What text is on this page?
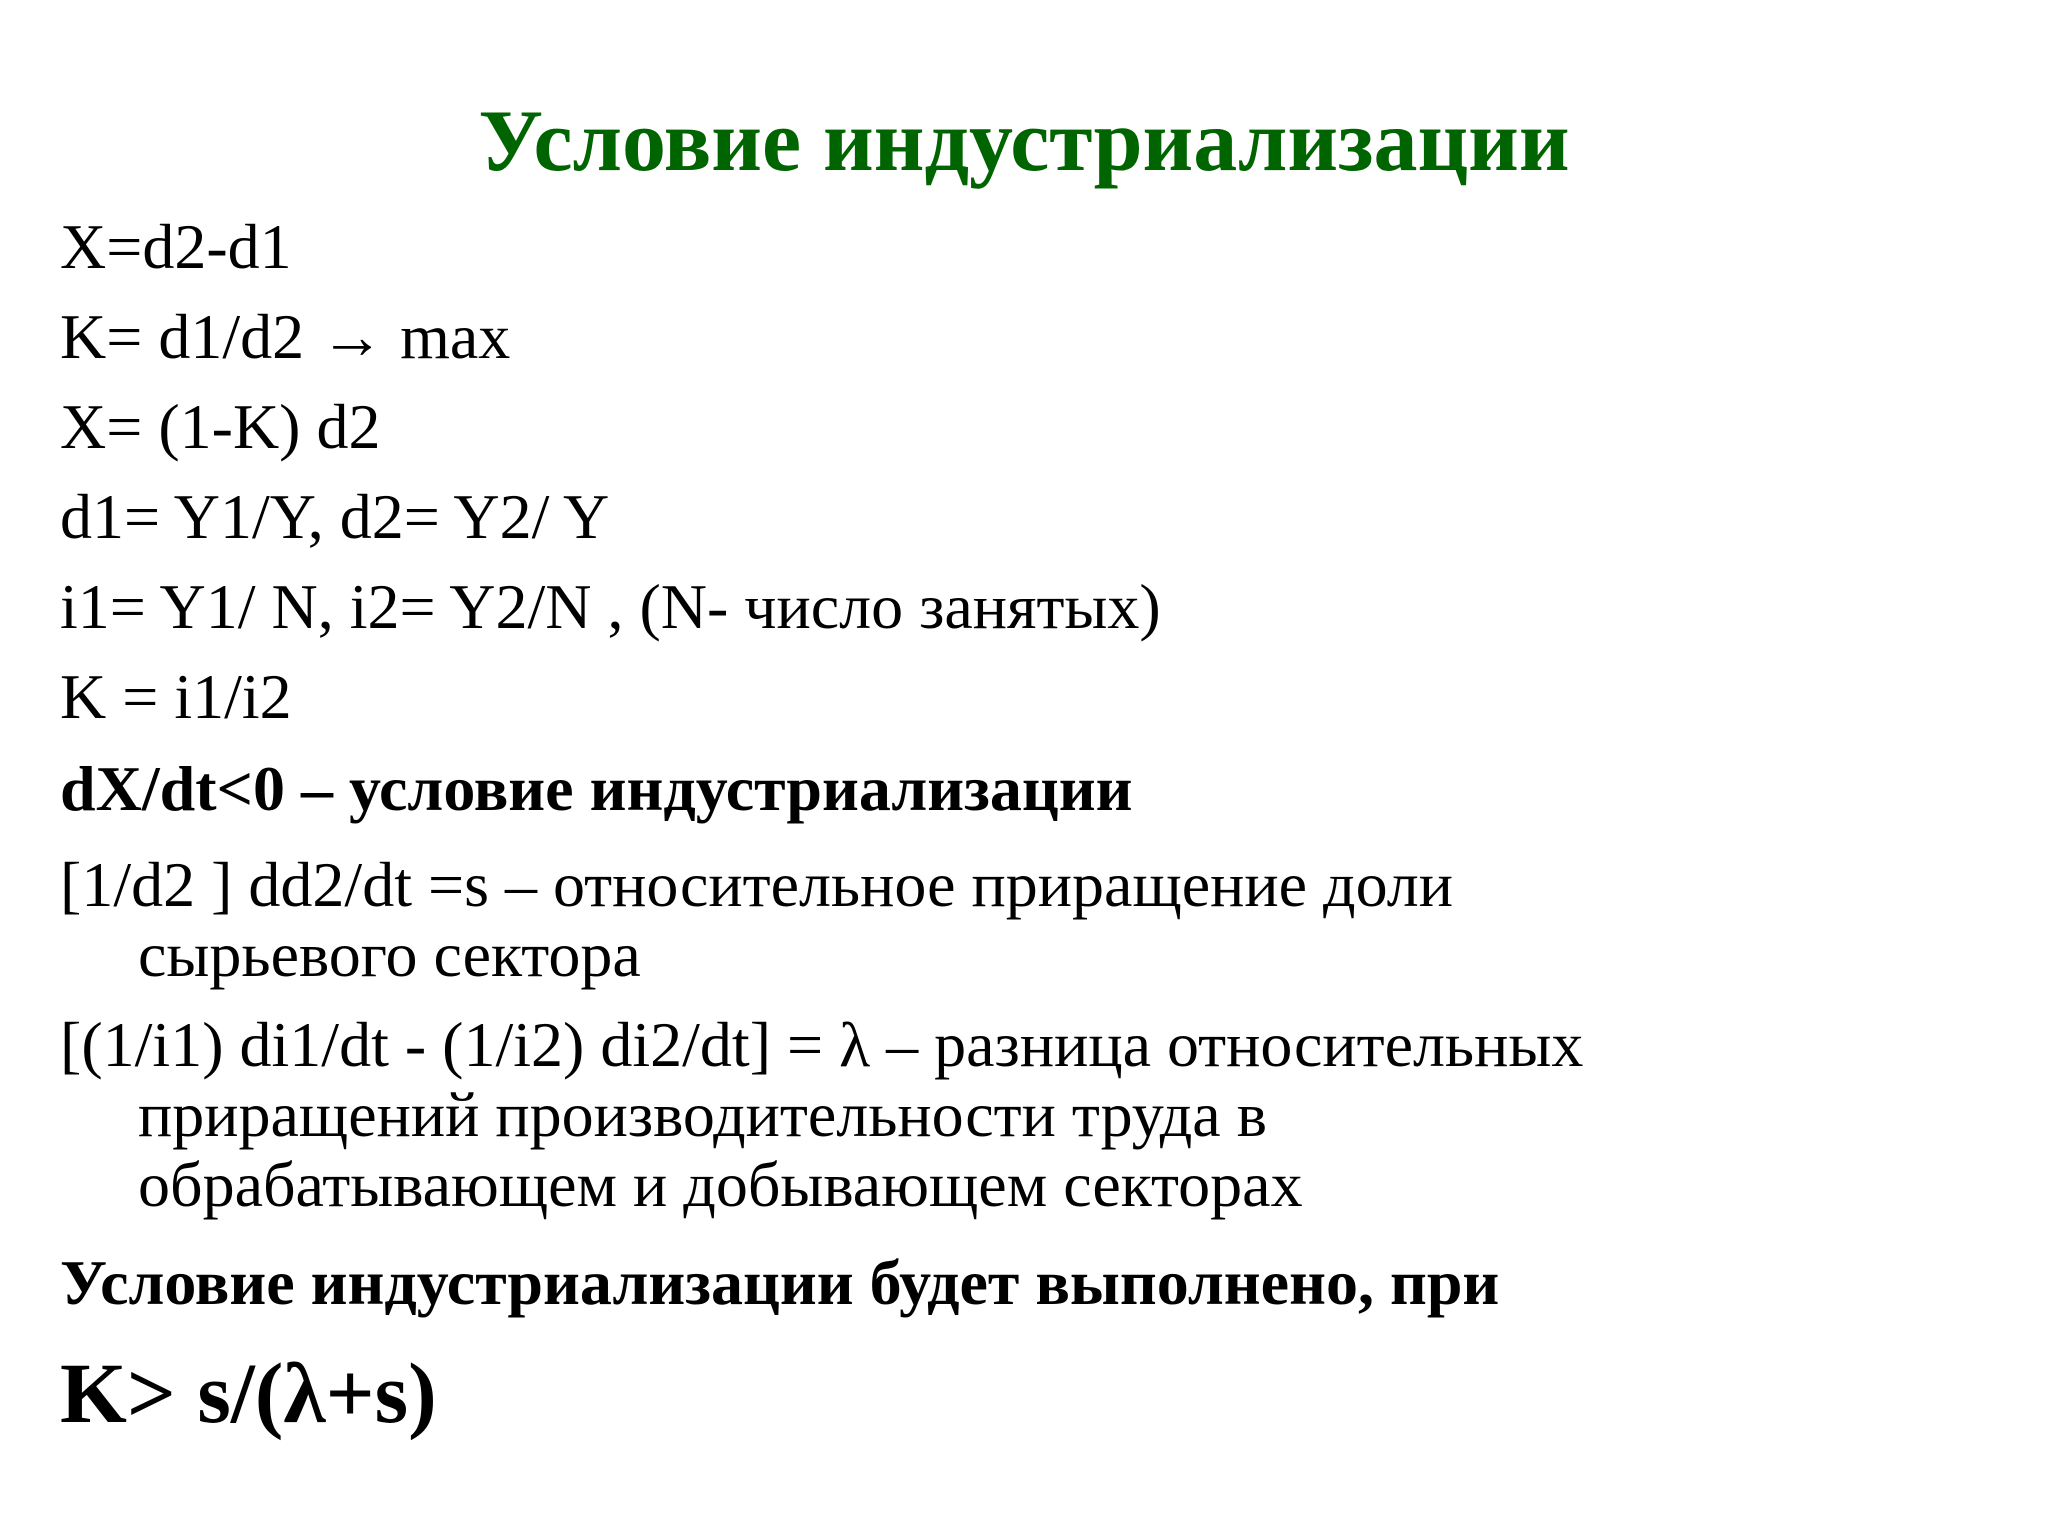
Условие индустриализации
X=d2-d1
K= d1/d2 → max
X= (1-K) d2
d1= Y1/Y, d2= Y2/ Y
i1= Y1/ N, i2= Y2/N , (N- число занятых)
K = i1/i2
dX/dt<0 – условие индустриализации
[1/d2 ] dd2/dt =s – относительное приращение доли
сырьевого сектора
[(1/i1) di1/dt - (1/i2) di2/dt] = λ – разница относительных
приращений производительности труда в
обрабатывающем и добывающем секторах
Условие индустриализации будет выполнено, при
K> s/(λ+s)
